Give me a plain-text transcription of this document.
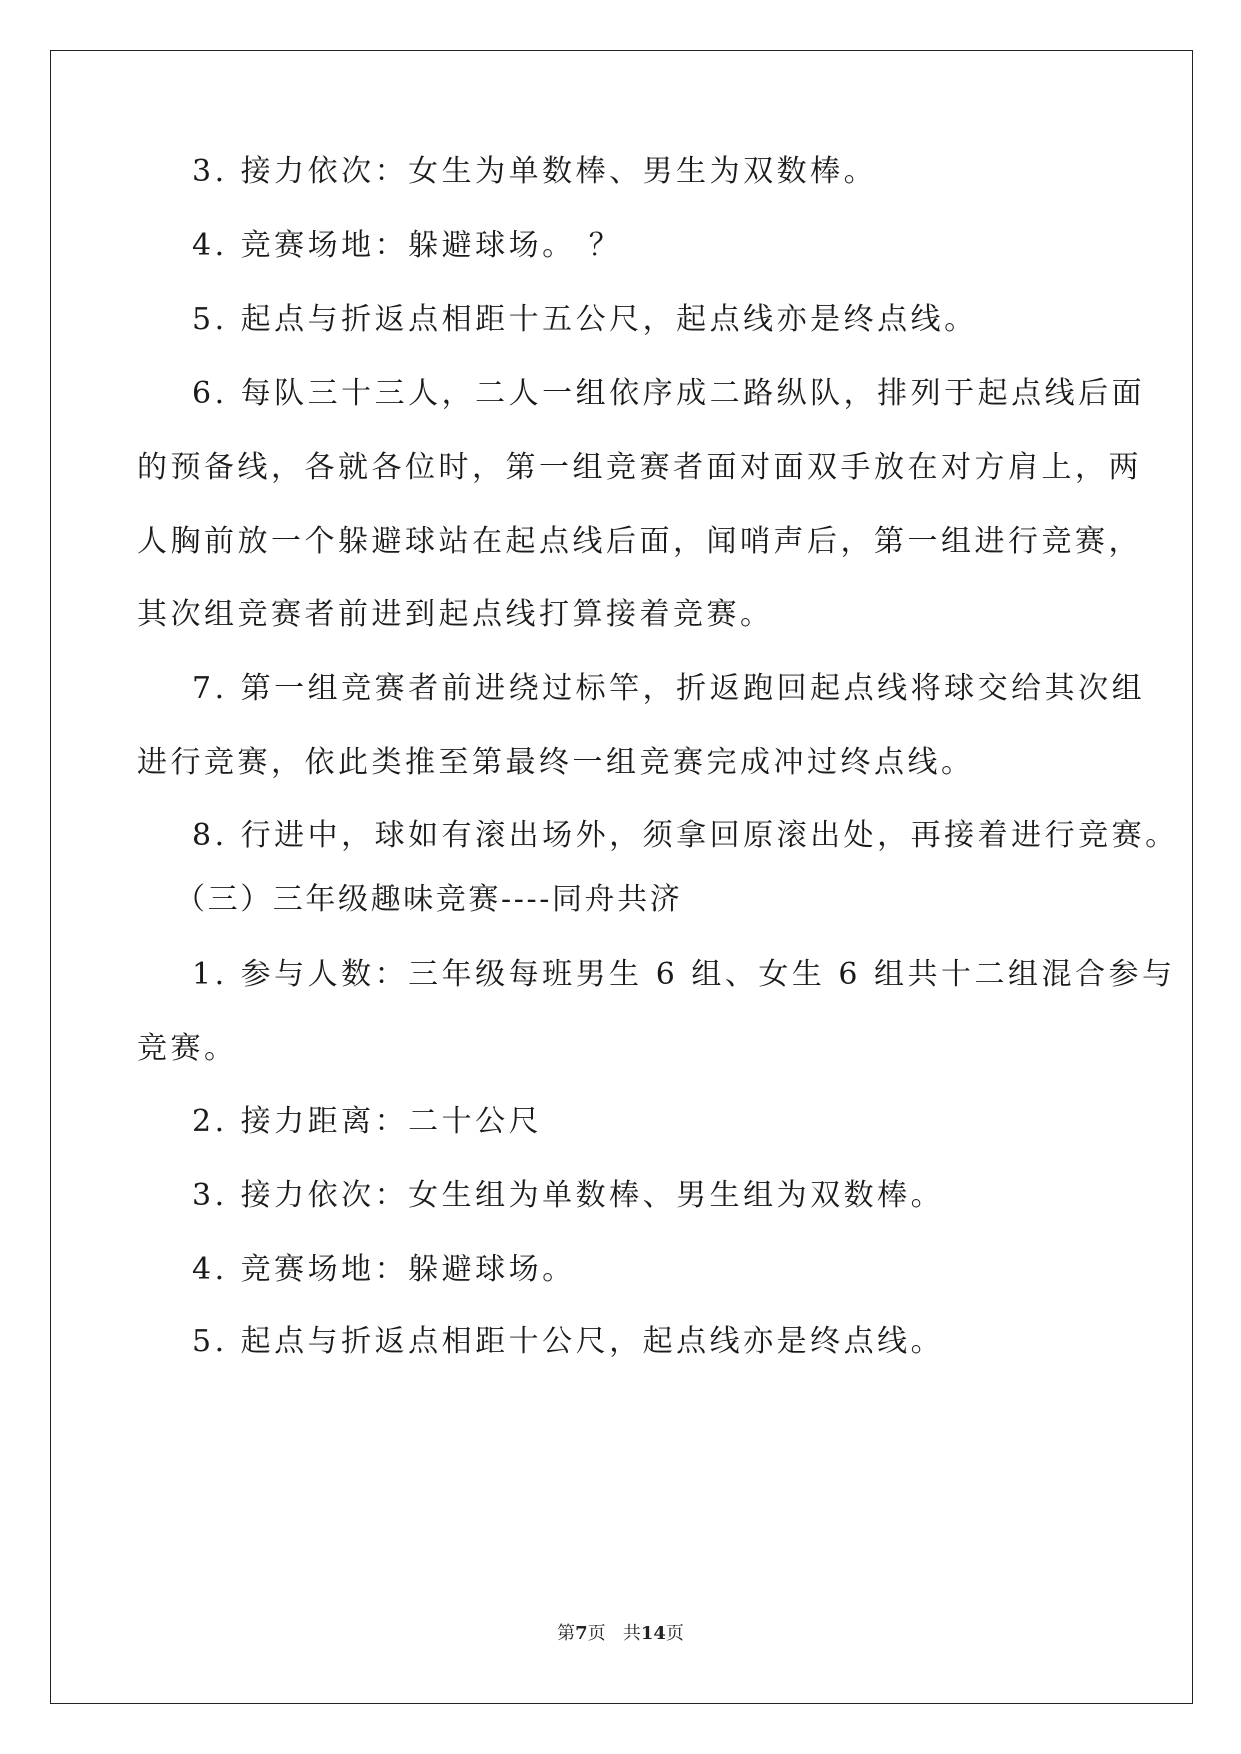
3. 接力依次：女生为单数棒、男生为双数棒。
4. 竞赛场地：躲避球场。 ？
5. 起点与折返点相距十五公尺，起点线亦是终点线。
6. 每队三十三人，二人一组依序成二路纵队，排列于起点线后面
的预备线，各就各位时，第一组竞赛者面对面双手放在对方肩上，两
人胸前放一个躲避球站在起点线后面，闻哨声后，第一组进行竞赛，
其次组竞赛者前进到起点线打算接着竞赛。
7. 第一组竞赛者前进绕过标竿，折返跑回起点线将球交给其次组
进行竞赛，依此类推至第最终一组竞赛完成冲过终点线。
8. 行进中，球如有滚出场外，须拿回原滚出处，再接着进行竞赛。
（三）三年级趣味竞赛----同舟共济
1. 参与人数：三年级每班男生 6 组、女生 6 组共十二组混合参与
竞赛。
2. 接力距离：二十公尺
3. 接力依次：女生组为单数棒、男生组为双数棒。
4. 竞赛场地：躲避球场。
5. 起点与折返点相距十公尺，起点线亦是终点线。
第7页 共14页
